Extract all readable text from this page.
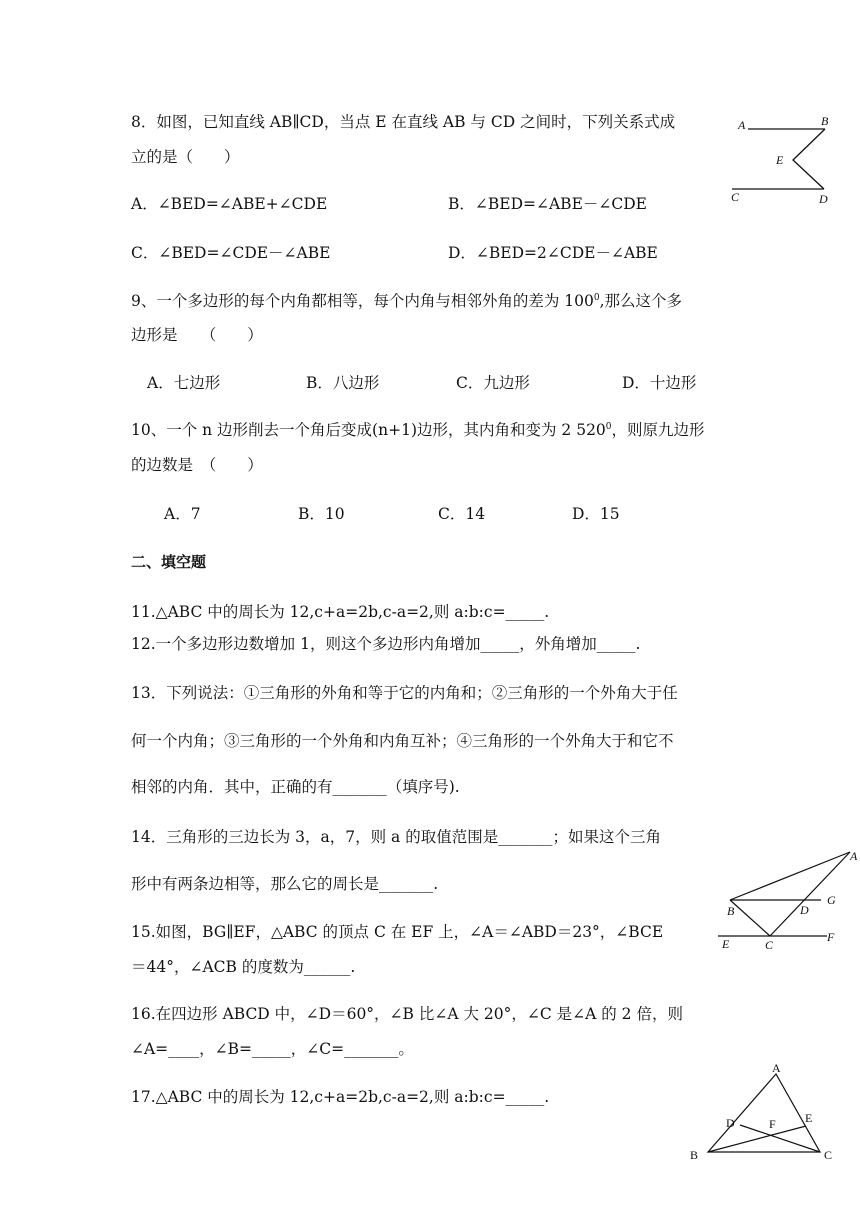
8．如图，已知直线 AB∥CD，当点 E 在直线 AB 与 CD 之间时，下列关系式成
立的是（　　）
A．∠BED=∠ABE+∠CDE	B．∠BED=∠ABE－∠CDE
C．∠BED=∠CDE－∠ABE	D．∠BED=2∠CDE－∠ABE
A	B
E
C	D
9、一个多边形的每个内角都相等，每个内角与相邻外角的差为 $100^0$,那么这个多
边形是　　（　　）
A．七边形	B．八边形	C．九边形	D．十边形
10、一个 n 边形削去一个角后变成(n+1)边形，其内角和变为 2 $520^0$，则原九边形
的边数是　（　　）
A．7	B．10	C．14	D．15
二、填空题
11.△ABC 中的周长为 12,c+a=2b,c-a=2,则 a:b:c=_____.
12.一个多边形边数增加 1，则这个多边形内角增加_____，外角增加_____.
13．下列说法：①三角形的外角和等于它的内角和；②三角形的一个外角大于任
何一个内角；③三角形的一个外角和内角互补；④三角形的一个外角大于和它不
相邻的内角．其中，正确的有_______（填序号).
14．三角形的三边长为 3，a，7，则 a 的取值范围是_______；如果这个三角
形中有两条边相等，那么它的周长是_______.
15.如图，BG∥EF，△ABC 的顶点 C 在 EF 上，∠A＝∠ABD＝23°，∠BCE
＝44°，∠ACB 的度数为______.
A
B	D
G
E	C
F
16.在四边形 ABCD 中，∠D＝60°，∠B 比∠A 大 20°，∠C 是∠A 的 2 倍，则
∠A=____，∠B=_____，∠C=_______。
17.△ABC 中的周长为 12,c+a=2b,c-a=2,则 a:b:c=_____.
A
D	E
F
B	C
